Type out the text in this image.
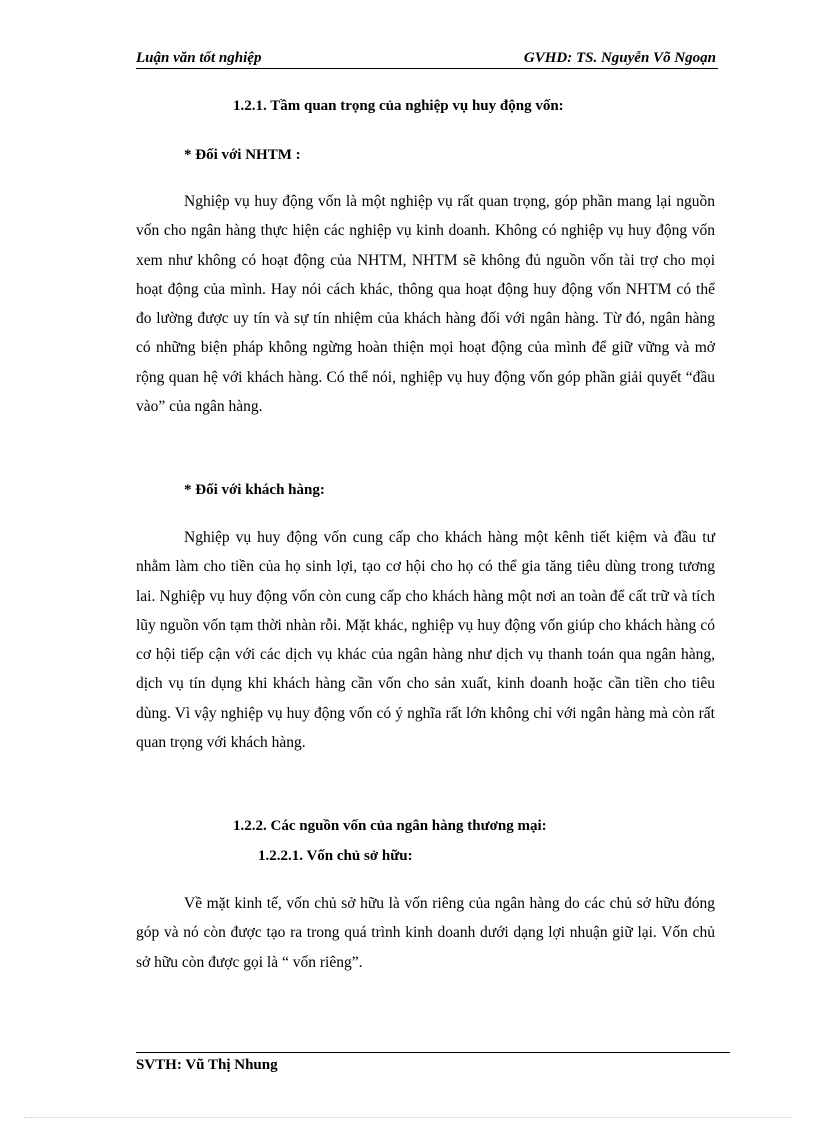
Luận văn tốt nghiệp	GVHD: TS. Nguyễn Võ Ngoạn
1.2.1. Tầm quan trọng của nghiệp vụ huy động vốn:
* Đối với NHTM :
Nghiệp vụ huy động vốn là một nghiệp vụ rất quan trọng, góp phần mang lại nguồn vốn cho ngân hàng thực hiện các nghiệp vụ kinh doanh. Không có nghiệp vụ huy động vốn xem như không có hoạt động của NHTM, NHTM sẽ không đủ nguồn vốn tài trợ cho mọi hoạt động của mình. Hay nói cách khác, thông qua hoạt động huy động vốn NHTM có thể đo lường được uy tín và sự tín nhiệm của khách hàng đối với ngân hàng. Từ đó, ngân hàng có những biện pháp không ngừng hoàn thiện mọi hoạt động của mình để giữ vững và mở rộng quan hệ với khách hàng. Có thể nói, nghiệp vụ huy động vốn góp phần giải quyết “đầu vào” của ngân hàng.
* Đối với khách hàng:
Nghiệp vụ huy động vốn cung cấp cho khách hàng một kênh tiết kiệm và đầu tư nhằm làm cho tiền của họ sinh lợi, tạo cơ hội cho họ có thể gia tăng tiêu dùng trong tương lai. Nghiệp vụ huy động vốn còn cung cấp cho khách hàng một nơi an toàn để cất trữ và tích lũy nguồn vốn tạm thời nhàn rỗi. Mặt khác, nghiệp vụ huy động vốn giúp cho khách hàng có cơ hội tiếp cận với các dịch vụ khác của ngân hàng như dịch vụ thanh toán qua ngân hàng, dịch vụ tín dụng khi khách hàng cần vốn cho sản xuất, kinh doanh hoặc cần tiền cho tiêu dùng. Vì vậy nghiệp vụ huy động vốn có ý nghĩa rất lớn không chỉ với ngân hàng mà còn rất quan trọng với khách hàng.
1.2.2. Các nguồn vốn của ngân hàng thương mại:
1.2.2.1. Vốn chủ sở hữu:
Về mặt kinh tế, vốn chủ sở hữu là vốn riêng của ngân hàng do các chủ sở hữu đóng góp và nó còn được tạo ra trong quá trình kinh doanh dưới dạng lợi nhuận giữ lại. Vốn chủ sở hữu còn được gọi là “ vốn riêng”.
SVTH: Vũ Thị Nhung
